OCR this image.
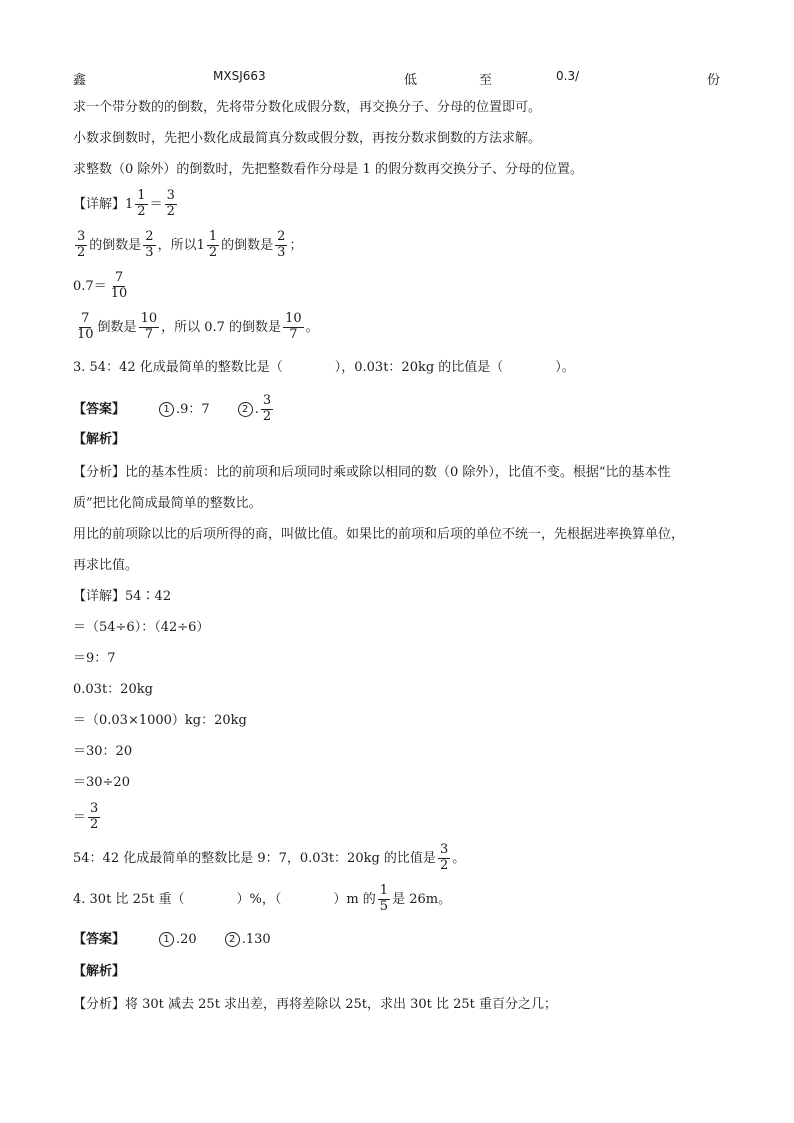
鑫	MXSJ663	低	至	0.3/	份
求一个带分数的的倒数，先将带分数化成假分数，再交换分子、分母的位置即可。
小数求倒数时，先把小数化成最简真分数或假分数，再按分数求倒数的方法求解。
求整数（0 除外）的倒数时，先把整数看作分母是 1 的假分数再交换分子、分母的位置。
【详解】 $1 \frac{1}{2} = \frac{3}{2}$
$\frac{3}{2}$ 的倒数是 $\frac{2}{3}$ ，所以 $1 \frac{1}{2}$ 的倒数是 $\frac{2}{3}$ ；
$0.7= \frac{7}{10}$
$\frac{7}{10}$ 倒数是 $\frac{10}{7}$ ，所以 0.7 的倒数是 $\frac{10}{7}$ 。
3. 54：42 化成最简单的整数比是（　　　　），0.03t：20kg 的比值是（　　　　）。
【答案】	1 .9：7	2 . $\frac{3}{2}$
【解析】
【分析】比的基本性质：比的前项和后项同时乘或除以相同的数（0 除外），比值不变。根据“比的基本性
质”把比化简成最简单的整数比。
用比的前项除以比的后项所得的商，叫做比值。如果比的前项和后项的单位不统一，先根据进率换算单位，
再求比值。
【详解】54∶42
＝（54÷6）：（42÷6）
＝9：7
0.03t：20kg
＝（0.03×1000）kg：20kg
＝30：20
＝30÷20
＝ $\frac{3}{2}$
54：42 化成最简单的整数比是 9：7，0.03t：20kg 的比值是 $\frac{3}{2}$ 。
4. 30t 比 25t 重（　　　　）%，（　　　　）m 的 $\frac{1}{5}$ 是 26m。
【答案】	1 .20	2 .130
【解析】
【分析】将 30t 减去 25t 求出差，再将差除以 25t，求出 30t 比 25t 重百分之几；
